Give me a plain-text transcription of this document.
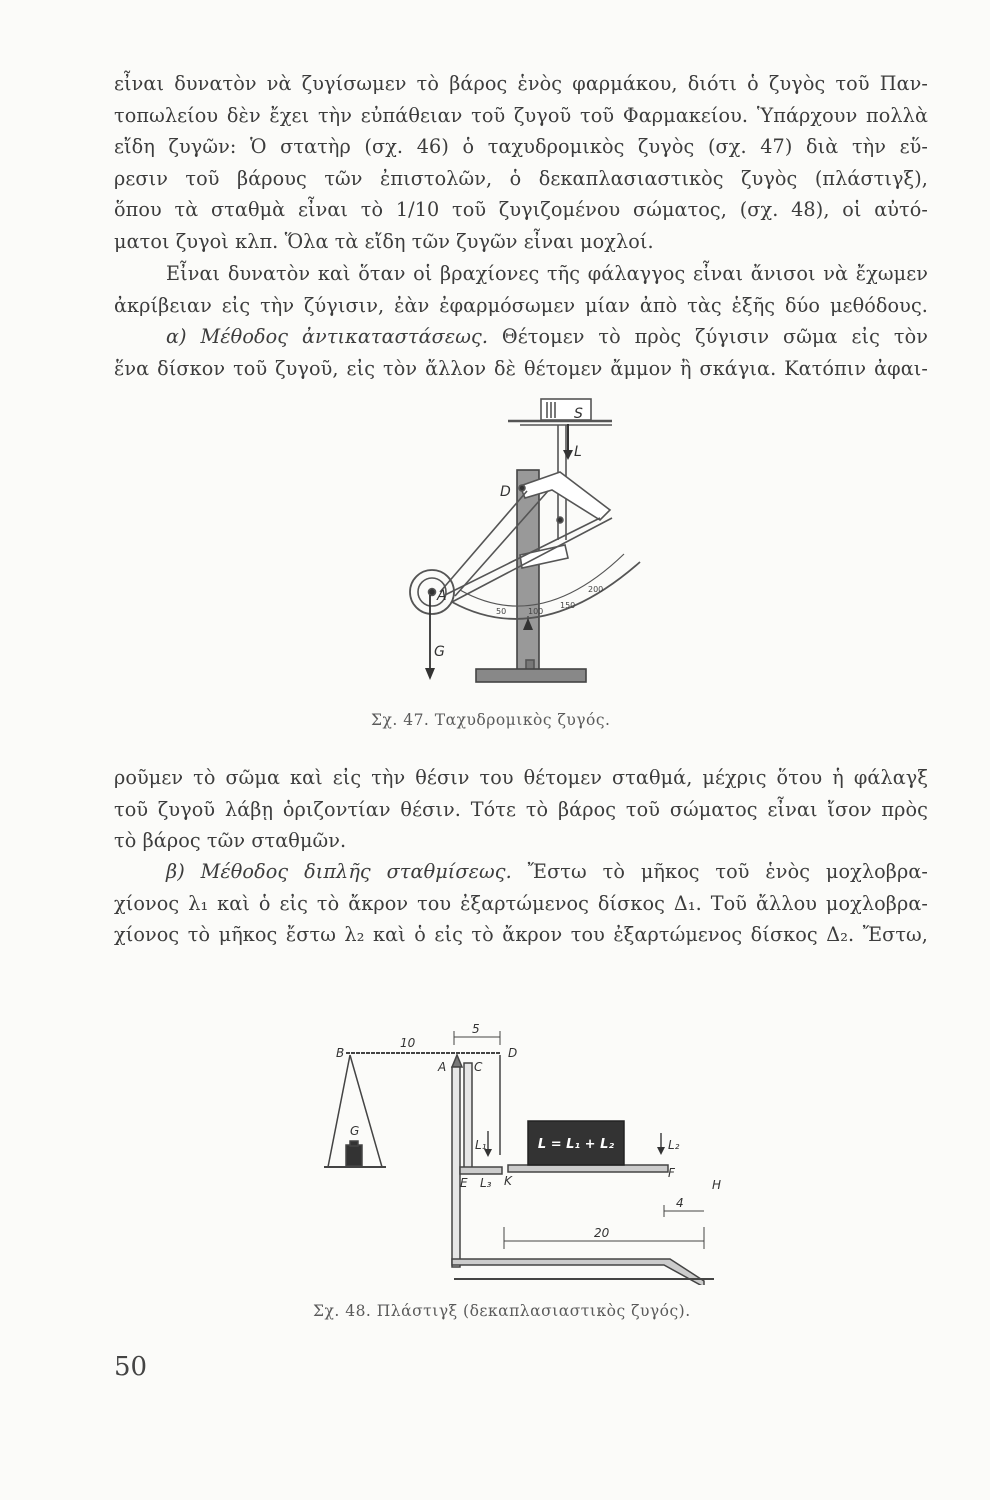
εἶναι δυνατὸν νὰ ζυγίσωμεν τὸ βάρος ἑνὸς φαρμάκου, διότι ὁ ζυγὸς τοῦ Παν-
τοπωλείου δὲν ἔχει τὴν εὐπάθειαν τοῦ ζυγοῦ τοῦ Φαρμακείου. Ὑπάρχουν πολλὰ
εἴδη ζυγῶν: Ὁ στατὴρ (σχ. 46) ὁ ταχυδρομικὸς ζυγὸς (σχ. 47) διὰ τὴν εὕ-
ρεσιν τοῦ βάρους τῶν ἐπιστολῶν, ὁ δεκαπλασιαστικὸς ζυγὸς (πλάστιγξ),
ὅπου τὰ σταθμὰ εἶναι τὸ 1/10 τοῦ ζυγιζομένου σώματος, (σχ. 48), οἱ αὐτό-
ματοι ζυγοὶ κλπ. Ὅλα τὰ εἴδη τῶν ζυγῶν εἶναι μοχλοί.
Εἶναι δυνατὸν καὶ ὅταν οἱ βραχίονες τῆς φάλαγγος εἶναι ἄνισοι νὰ ἔχωμεν
ἀκρίβειαν εἰς τὴν ζύγισιν, ἐὰν ἐφαρμόσωμεν μίαν ἀπὸ τὰς ἑξῆς δύο μεθόδους.
α) Μέθοδος ἀντικαταστάσεως. Θέτομεν τὸ πρὸς ζύγισιν σῶμα εἰς τὸν
ἕνα δίσκον τοῦ ζυγοῦ, εἰς τὸν ἄλλον δὲ θέτομεν ἄμμον ἢ σκάγια. Κατόπιν ἀφαι-
S
L
D
A
G
50	100
150
200
Σχ. 47. Ταχυδρομικὸς ζυγός.
ροῦμεν τὸ σῶμα καὶ εἰς τὴν θέσιν του θέτομεν σταθμά, μέχρις ὅτου ἡ φάλαγξ
τοῦ ζυγοῦ λάβῃ ὁριζοντίαν θέσιν. Τότε τὸ βάρος τοῦ σώματος εἶναι ἴσον πρὸς
τὸ βάρος τῶν σταθμῶν.
β) Μέθοδος διπλῆς σταθμίσεως. Ἔστω τὸ μῆκος τοῦ ἑνὸς μοχλοβρα-
χίονος λ₁ καὶ ὁ εἰς τὸ ἄκρον του ἐξαρτώμενος δίσκος Δ₁. Τοῦ ἄλλου μοχλοβρα-
χίονος τὸ μῆκος ἔστω λ₂ καὶ ὁ εἰς τὸ ἄκρον του ἐξαρτώμενος δίσκος Δ₂. Ἔστω,
B
10
5
A C
D
G
L₁	L₂
E L₃ K
F
H
4
20
L = L₁ + L₂
Σχ. 48. Πλάστιγξ (δεκαπλασιαστικὸς ζυγός).
50
